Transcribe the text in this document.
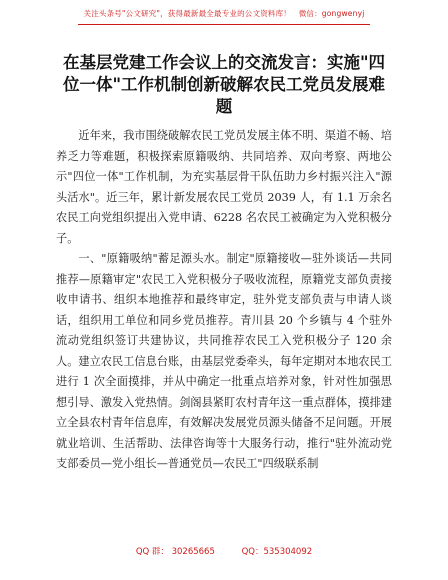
关注头条号"公文研究"，获得最新最全最专业的公文资料库！　微信：gongwenyj
在基层党建工作会议上的交流发言：实施"四位一体"工作机制创新破解农民工党员发展难题

近年来，我市围绕破解农民工党员发展主体不明、渠道不畅、培养乏力等难题，积极探索原籍吸纳、共同培养、双向考察、两地公示"四位一体"工作机制，为充实基层骨干队伍助力乡村振兴注入"源头活水"。近三年，累计新发展农民工党员 2039 人，有 1.1 万余名农民工向党组织提出入党申请、6228 名农民工被确定为入党积极分子。

一、"原籍吸纳"蓄足源头水。制定"原籍接收—驻外谈话—共同推荐—原籍审定"农民工入党积极分子吸收流程，原籍党支部负责接收申请书、组织本地推荐和最终审定，驻外党支部负责与申请人谈话，组织用工单位和同乡党员推荐。青川县 20 个乡镇与 4 个驻外流动党组织签订共建协议，共同推荐农民工入党积极分子 120 余人。建立农民工信息台账，由基层党委牵头，每年定期对本地农民工进行 1 次全面摸排，并从中确定一批重点培养对象，针对性加强思想引导、激发入党热情。剑阁县紧盯农村青年这一重点群体，摸排建立全县农村青年信息库，有效解决发展党员源头储备不足问题。开展就业培训、生活帮助、法律咨询等十大服务行动，推行"驻外流动党支部委员—党小组长—普通党员—农民工"四级联系制

QQ 群： 30265665	QQ：535304092
